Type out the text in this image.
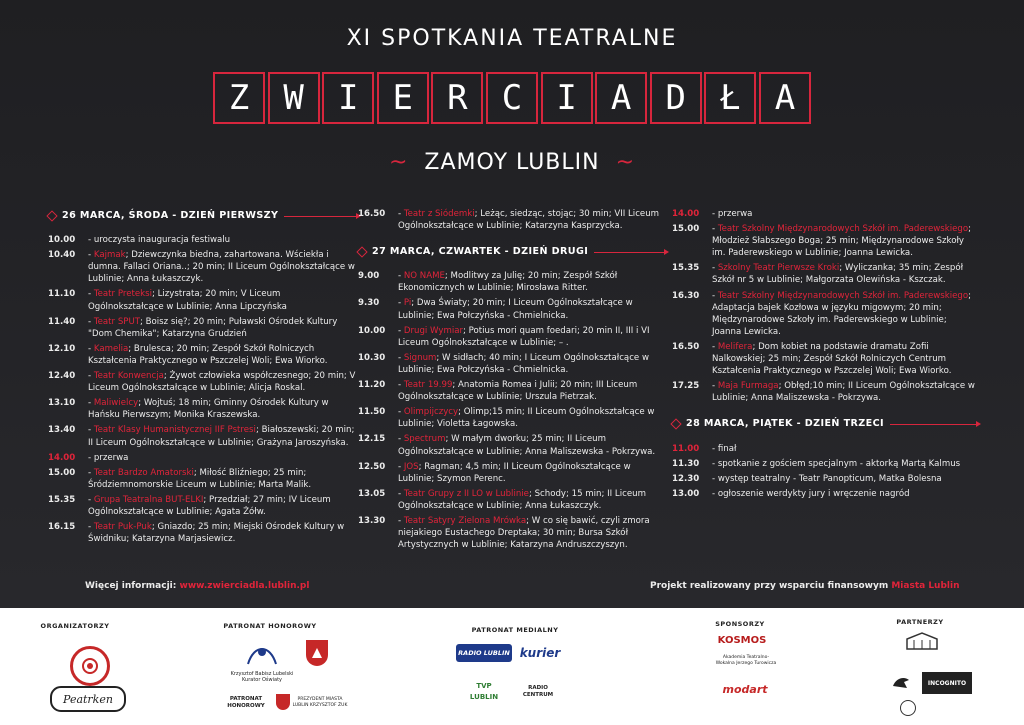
XI SPOTKANIA TEATRALNE
Z	W	I	E	R	C	I	A	D	Ł	A
~ ZAMOY LUBLIN ~
26 MARCA, ŚRODA - DZIEŃ PIERWSZY
10.00	- uroczysta inauguracja festiwalu
10.40	- Kajmak; Dziewczynka biedna, zahartowana. Wściekła i dumna. Fallaci Oriana..; 20 min; II Liceum Ogólnokształcące w Lublinie; Anna Łukaszczyk.
11.10	- Teatr Preteksi; Lizystrata; 20 min; V Liceum Ogólnokształcące w Lublinie; Anna Lipczyńska
11.40	- Teatr SPUT; Boisz się?; 20 min; Puławski Ośrodek Kultury "Dom Chemika"; Katarzyna Grudzień
12.10	- Kamelia; Brulesca; 20 min; Zespół Szkół Rolniczych Kształcenia Praktycznego w Pszczelej Woli; Ewa Wiorko.
12.40	- Teatr Konwencja; Żywot człowieka współczesnego; 20 min; V Liceum Ogólnokształcące w Lublinie; Alicja Roskal.
13.10	- Maliwielcy; Wojtuś; 18 min; Gminny Ośrodek Kultury w Hańsku Pierwszym; Monika Kraszewska.
13.40	- Teatr Klasy Humanistycznej IIF Pstresi; Białoszewski; 20 min; II Liceum Ogólnokształcące w Lublinie; Grażyna Jaroszyńska.
14.00	- przerwa
15.00	- Teatr Bardzo Amatorski; Miłość Bliźniego; 25 min; Śródziemnomorskie Liceum w Lublinie; Marta Malik.
15.35	- Grupa Teatralna BUT-ELKI; Przedział; 27 min; IV Liceum Ogólnokształcące w Lublinie; Agata Żółw.
16.15	- Teatr Puk-Puk; Gniazdo; 25 min; Miejski Ośrodek Kultury w Świdniku; Katarzyna Marjasiewicz.
16.50	- Teatr z Siódemki; Leżąc, siedząc, stojąc; 30 min; VII Liceum Ogólnokształcące w Lublinie; Katarzyna Kasprzycka.
27 MARCA, CZWARTEK - DZIEŃ DRUGI
9.00	- NO NAME; Modlitwy za Julię; 20 min; Zespół Szkół Ekonomicznych w Lublinie; Mirosława Ritter.
9.30	- Pi; Dwa Światy; 20 min; I Liceum Ogólnokształcące w Lublinie; Ewa Połczyńska - Chmielnicka.
10.00	- Drugi Wymiar; Potius mori quam foedari; 20 min II, III i VI Liceum Ogólnokształcące w Lublinie; – .
10.30	- Signum; W sidłach; 40 min; I Liceum Ogólnokształcące w Lublinie; Ewa Połczyńska - Chmielnicka.
11.20	- Teatr 19.99; Anatomia Romea i Julii; 20 min; III Liceum Ogólnokształcące w Lublinie; Urszula Pietrzak.
11.50	- Olimpijczycy; Olimp;15 min; II Liceum Ogólnokształcące w Lublinie; Violetta Łagowska.
12.15	- Spectrum; W małym dworku; 25 min; II Liceum Ogólnokształcące w Lublinie; Anna Maliszewska - Pokrzywa.
12.50	- JOS; Ragman; 4,5 min; II Liceum Ogólnokształcące w Lublinie; Szymon Perenc.
13.05	- Teatr Grupy z II LO w Lublinie; Schody; 15 min; II Liceum Ogólnokształcące w Lublinie; Anna Łukaszczyk.
13.30	- Teatr Satyry Zielona Mrówka; W co się bawić, czyli zmora niejakiego Eustachego Dreptaka; 30 min; Bursa Szkół Artystycznych w Lublinie; Katarzyna Andruszczyszyn.
14.00	- przerwa
15.00	- Teatr Szkolny Międzynarodowych Szkół im. Paderewskiego; Młodzież Słabszego Boga; 25 min; Międzynarodowe Szkoły im. Paderewskiego w Lublinie; Joanna Lewicka.
15.35	- Szkolny Teatr Pierwsze Kroki; Wyliczanka; 35 min; Zespół Szkół nr 5 w Lublinie; Małgorzata Olewińska - Kszczak.
16.30	- Teatr Szkolny Międzynarodowych Szkół im. Paderewskiego; Adaptacja bajek Kozłowa w języku migowym; 20 min; Międzynarodowe Szkoły im. Paderewskiego w Lublinie; Joanna Lewicka.
16.50	- Melifera; Dom kobiet na podstawie dramatu Zofii Nalkowskiej; 25 min; Zespół Szkół Rolniczych Centrum Kształcenia Praktycznego w Pszczelej Woli; Ewa Wiorko.
17.25	- Maja Furmaga; Obłęd;10 min; II Liceum Ogólnokształcące w Lublinie; Anna Maliszewska - Pokrzywa.
28 MARCA, PIĄTEK - DZIEŃ TRZECI
11.00	- finał
11.30	- spotkanie z gościem specjalnym - aktorką Martą Kalmus
12.30	- występ teatralny - Teatr Panopticum, Matka Bolesna
13.00	- ogłoszenie werdykty jury i wręczenie nagród
Więcej informacji: www.zwierciadla.lublin.pl	Projekt realizowany przy wsparciu finansowym Miasta Lublin
ORGANIZATORZY
Peatrken
PATRONAT HONOROWY
Krzysztof Babisz Lubelski Kurator Oświaty
PATRONAT HONOROWY
PREZYDENT MIASTA LUBLIN KRZYSZTOF ŻUK
PATRONAT MEDIALNY
RADIO LUBLIN kurier
TVP LUBLIN
RADIO CENTRUM
SPONSORZY
KOSMOS
Akademia Teatralno-Wokalna Jerzego Turowicza
modart
PARTNERZY
INCOGNITO
